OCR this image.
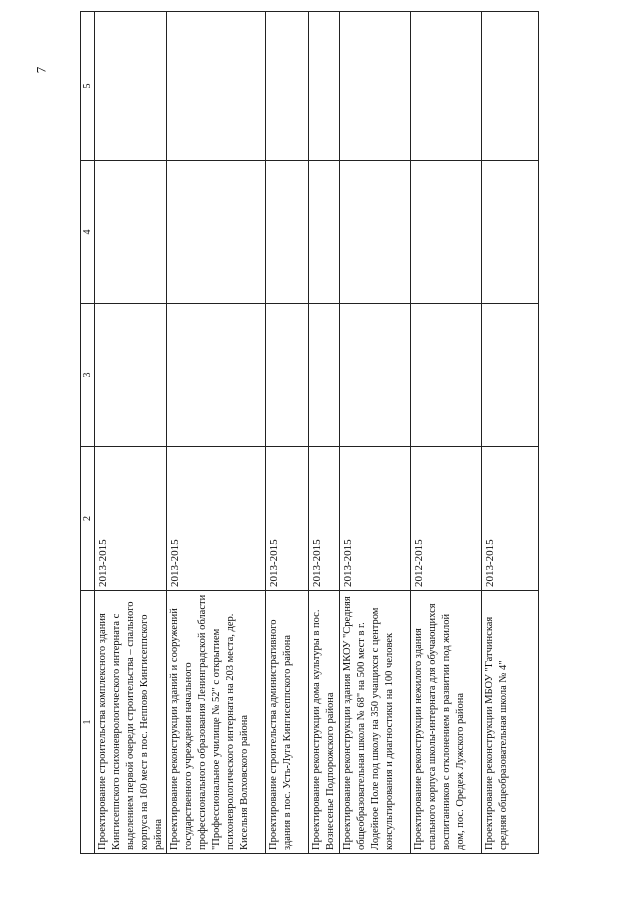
7
1	2	3	4	5
Проектирование строительства комплексного здания Кингисеппского психоневрологического интерната с выделением первой очереди строительства – спального корпуса на 160 мест в пос. Неппово Кингисеппского района	2013-2015			
Проектирование реконструкции зданий и сооружений государственного учреждения начального профессионального образования Ленинградской области "Профессиональное училище № 52" с открытием психоневрологического интерната на 203 места, дер. Кисельня Волховского района	2013-2015			
Проектирование строительства административного здания в пос. Усть-Луга Кингисеппского района	2013-2015			
Проектирование реконструкции дома культуры в пос. Вознесенье Подпорожского района	2013-2015			
Проектирование реконструкции здания МКОУ "Средняя общеобразовательная школа № 68" на 500 мест в г. Лодейное Поле под школу на 350 учащихся с центром консультирования и диагностики на 100 человек	2013-2015			
Проектирование реконструкции нежилого здания спального корпуса школы-интерната для обучающихся воспитанников с отклонением в развитии под жилой дом, пос. Оредеж Лужского района	2012-2015			
Проектирование реконструкции МБОУ "Гатчинская средняя общеобразовательная школа № 4"	2013-2015			
